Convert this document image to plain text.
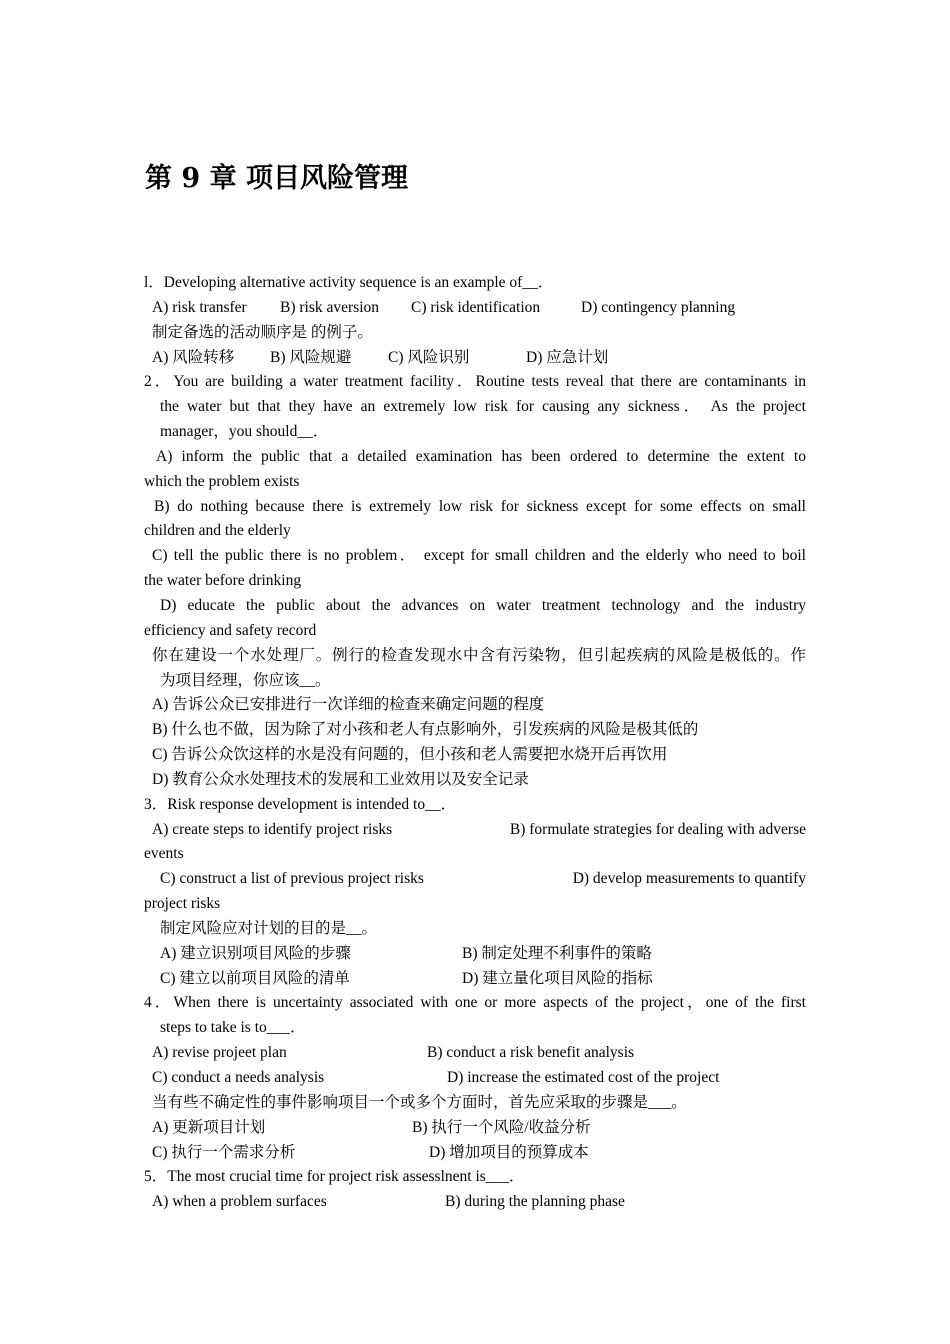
第 9 章 项目风险管理

l．Developing alternative activity sequence is an example of__．

A) risk transfer	B) risk aversion	C) risk identification	D) contingency planning

制定备选的活动顺序是 的例子。

A) 风险转移	B) 风险规避	C) 风险识别	D) 应急计划

2．You are building a water treatment facility．Routine tests reveal that there are contaminants in

the water but that they have an extremely low risk for causing any sickness． As the project

manager，you should__．

A) inform the public that a detailed examination has been ordered to determine the extent to

which the problem exists

B) do nothing because there is extremely low risk for sickness except for some effects on small

children and the elderly

C) tell the public there is no problem． except for small children and the elderly who need to boil

the water before drinking

D) educate the public about the advances on water treatment technology and the industry

efficiency and safety record

你在建设一个水处理厂。例行的检查发现水中含有污染物，但引起疾病的风险是极低的。作

为项目经理，你应该__。

A) 告诉公众已安排进行一次详细的检查来确定问题的程度

B) 什么也不做，因为除了对小孩和老人有点影响外，引发疾病的风险是极其低的

C) 告诉公众饮这样的水是没有问题的，但小孩和老人需要把水烧开后再饮用

D) 教育公众水处理技术的发展和工业效用以及安全记录

3．Risk response development is intended to__．

A) create steps to identify project risks	B) formulate strategies for dealing with adverse

events

C) construct a list of previous project risks	D) develop measurements to quantify

project risks

制定风险应对计划的目的是__。

A) 建立识别项目风险的步骤	B) 制定处理不利事件的策略
C) 建立以前项目风险的清单	D) 建立量化项目风险的指标

4．When there is uncertainty associated with one or more aspects of the project，one of the first

steps to take is to___．

A) revise projeet plan	B) conduct a risk benefit analysis
C) conduct a needs analysis	D) increase the estimated cost of the project

当有些不确定性的事件影响项目一个或多个方面时，首先应采取的步骤是___。

A) 更新项目计划	B) 执行一个风险/收益分析
C) 执行一个需求分析	D) 增加项目的预算成本

5．The most crucial time for project risk assesslnent is___．

A) when a problem surfaces	B) during the planning phase
